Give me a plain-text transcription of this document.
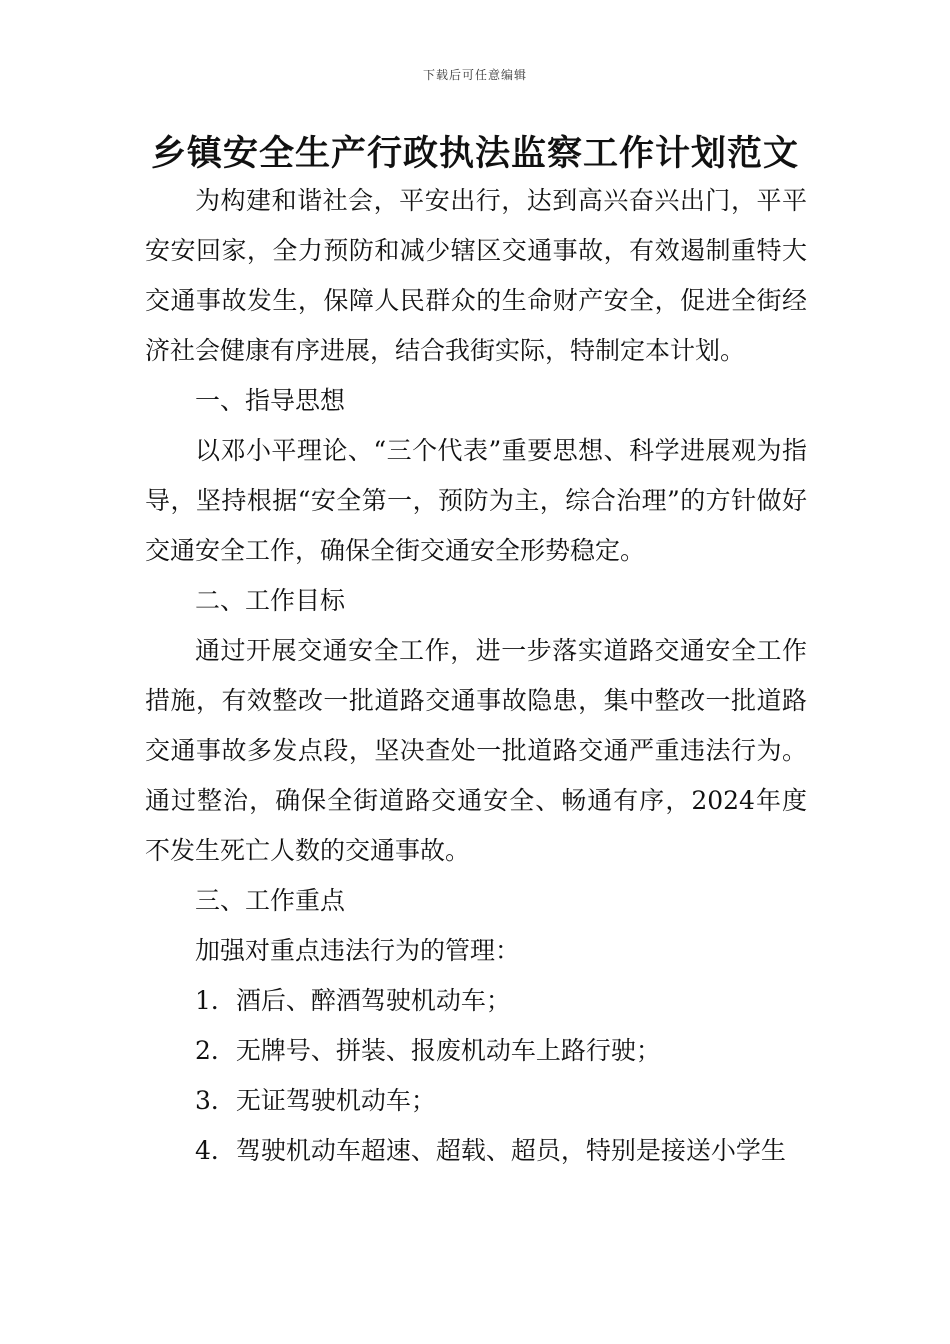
下载后可任意编辑
乡镇安全生产行政执法监察工作计划范文

为构建和谐社会，平安出行，达到高兴奋兴出门，平平安安回家，全力预防和减少辖区交通事故，有效遏制重特大交通事故发生，保障人民群众的生命财产安全，促进全街经济社会健康有序进展，结合我街实际，特制定本计划。

一、指导思想

以邓小平理论、“三个代表”重要思想、科学进展观为指导，坚持根据“安全第一，预防为主，综合治理”的方针做好交通安全工作，确保全街交通安全形势稳定。

二、工作目标

通过开展交通安全工作，进一步落实道路交通安全工作措施，有效整改一批道路交通事故隐患，集中整改一批道路交通事故多发点段，坚决查处一批道路交通严重违法行为。通过整治，确保全街道路交通安全、畅通有序，2024年度不发生死亡人数的交通事故。

三、工作重点

加强对重点违法行为的管理：

1．酒后、醉酒驾驶机动车；

2．无牌号、拼装、报废机动车上路行驶；

3．无证驾驶机动车；

4．驾驶机动车超速、超载、超员，特别是接送小学生
